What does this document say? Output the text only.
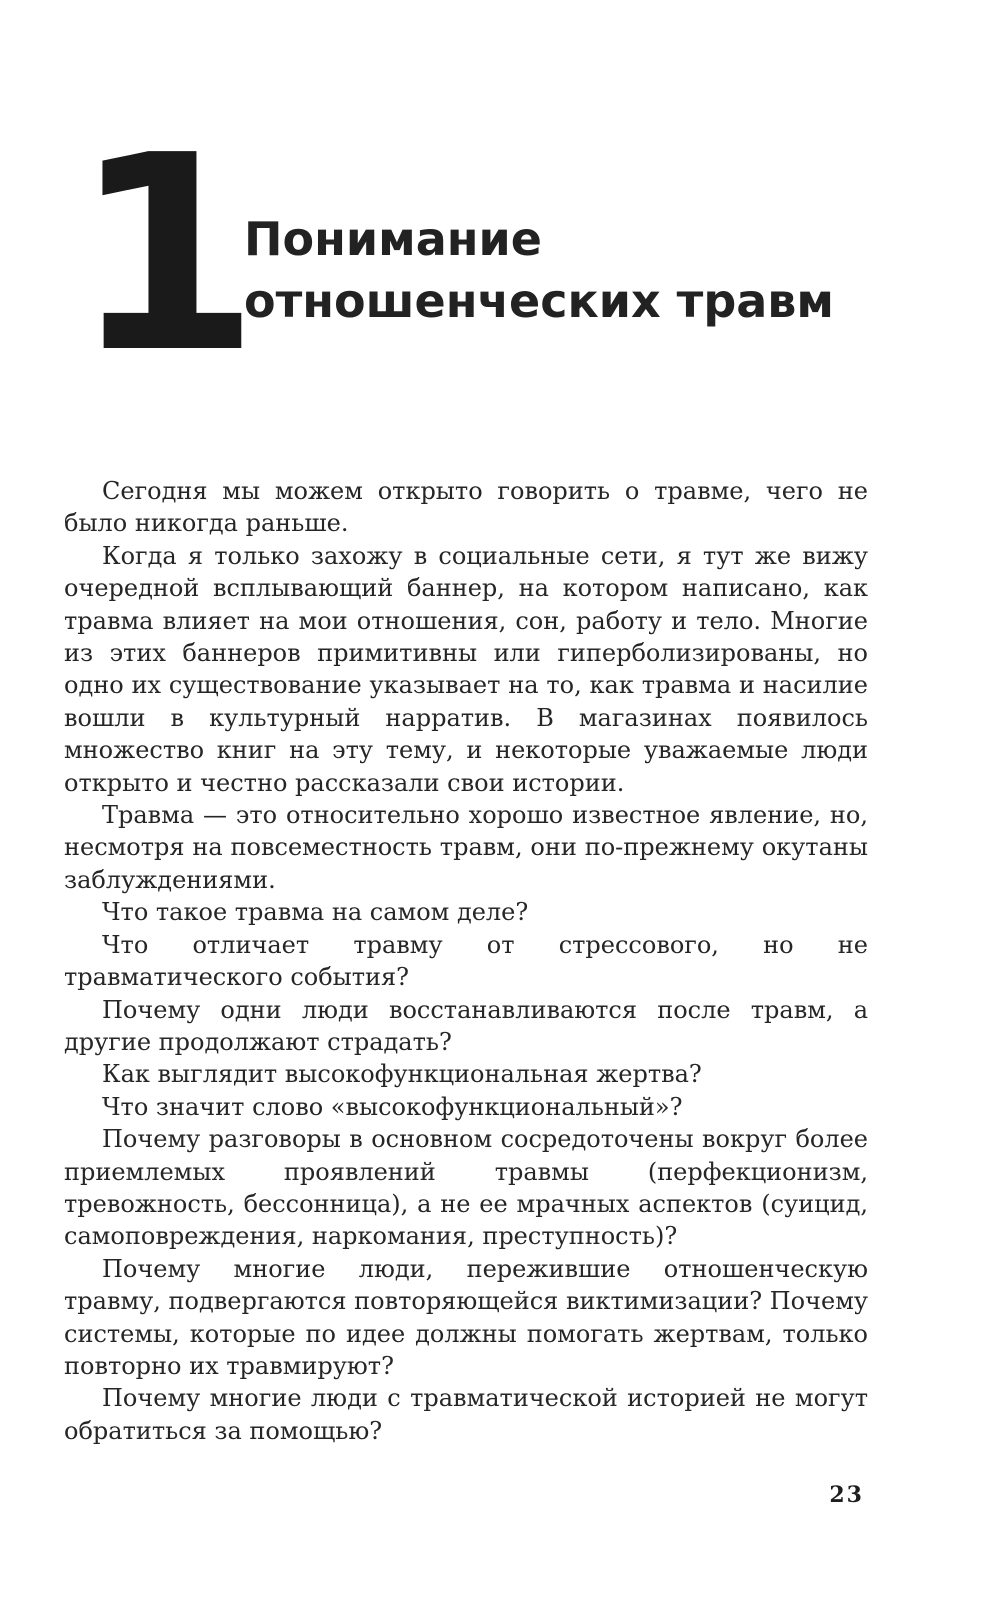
1
Понимание
отношенческих травм

Сегодня мы можем открыто говорить о травме, чего не было никогда раньше.

Когда я только захожу в социальные сети, я тут же вижу очередной всплывающий баннер, на котором написано, как травма влияет на мои отношения, сон, работу и тело. Многие из этих баннеров примитивны или гиперболизированы, но одно их существование указывает на то, как травма и насилие вошли в культурный нарратив. В магазинах появилось множество книг на эту тему, и некоторые уважаемые люди открыто и честно рассказали свои истории.

Травма — это относительно хорошо известное явление, но, несмотря на повсеместность травм, они по-прежнему окутаны заблуждениями.

Что такое травма на самом деле?

Что отличает травму от стрессового, но не травматического события?

Почему одни люди восстанавливаются после травм, а другие продолжают страдать?

Как выглядит высокофункциональная жертва?

Что значит слово «высокофункциональный»?

Почему разговоры в основном сосредоточены вокруг более приемлемых проявлений травмы (перфекционизм, тревожность, бессонница), а не ее мрачных аспектов (суицид, самоповреждения, наркомания, преступность)?

Почему многие люди, пережившие отношенческую травму, подвергаются повторяющейся виктимизации? Почему системы, которые по идее должны помогать жертвам, только повторно их травмируют?

Почему многие люди с травматической историей не могут обратиться за помощью?

23
